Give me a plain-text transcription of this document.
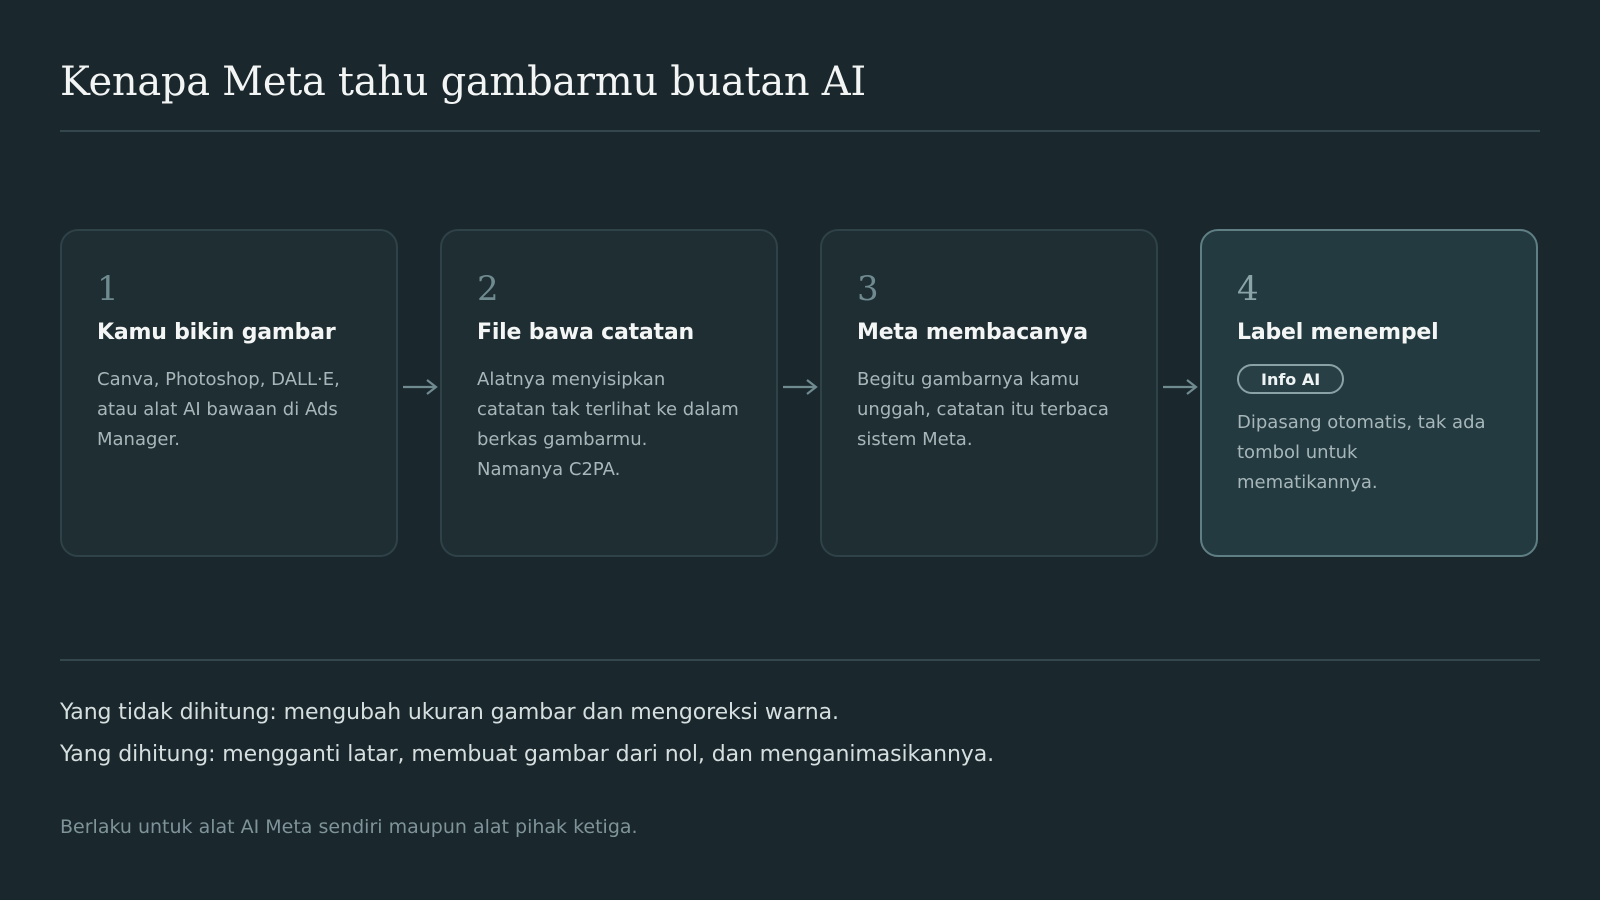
Kenapa Meta tahu gambarmu buatan AI
1
Kamu bikin gambar
Canva, Photoshop, DALL·E, atau alat AI bawaan di Ads Manager.
2
File bawa catatan
Alatnya menyisipkan catatan tak terlihat ke dalam berkas gambarmu. Namanya C2PA.
3
Meta membacanya
Begitu gambarnya kamu unggah, catatan itu terbaca sistem Meta.
4
Label menempel
Info AI
Dipasang otomatis, tak ada tombol untuk mematikannya.
Yang tidak dihitung: mengubah ukuran gambar dan mengoreksi warna.
Yang dihitung: mengganti latar, membuat gambar dari nol, dan menganimasikannya.
Berlaku untuk alat AI Meta sendiri maupun alat pihak ketiga.
